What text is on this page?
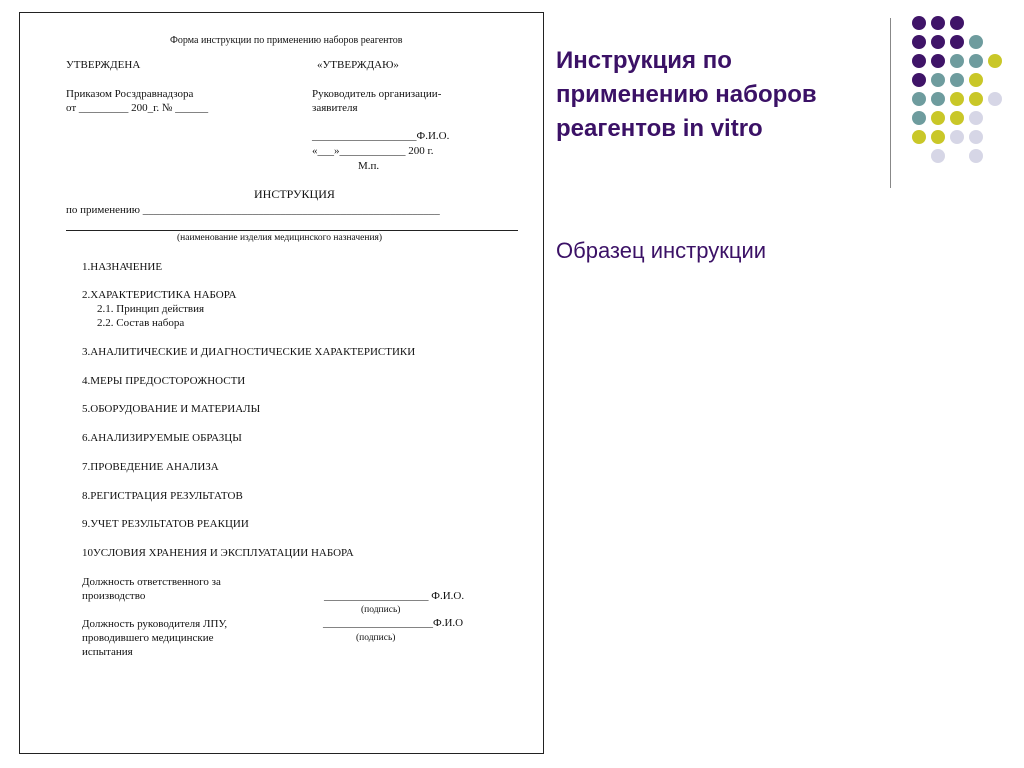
Форма инструкции по применению наборов реагентов
УТВЕРЖДЕНА	«УТВЕРЖДАЮ»
Приказом Росздравнадзора
от _________ 200_г. № ______
Руководитель организации-
заявителя
___________________Ф.И.О.
«___»____________ 200 г.
М.п.
ИНСТРУКЦИЯ
по применению ______________________________________________________
(наименование изделия медицинского назначения)
1.НАЗНАЧЕНИЕ
2.ХАРАКТЕРИСТИКА НАБОРА
2.1. Принцип действия
2.2. Состав набора
3.АНАЛИТИЧЕСКИЕ И ДИАГНОСТИЧЕСКИЕ ХАРАКТЕРИСТИКИ
4.МЕРЫ ПРЕДОСТОРОЖНОСТИ
5.ОБОРУДОВАНИЕ И МАТЕРИАЛЫ
6.АНАЛИЗИРУЕМЫЕ ОБРАЗЦЫ
7.ПРОВЕДЕНИЕ АНАЛИЗА
8.РЕГИСТРАЦИЯ РЕЗУЛЬТАТОВ
9.УЧЕТ РЕЗУЛЬТАТОВ РЕАКЦИИ
10УСЛОВИЯ ХРАНЕНИЯ И ЭКСПЛУАТАЦИИ НАБОРА
Должность ответственного за
производство	___________________ Ф.И.О.
(подпись)
Должность руководителя ЛПУ,
проводившего медицинские
испытания
____________________Ф.И.О
(подпись)
Инструкция по
применению наборов
реагентов in vitro
Образец инструкции
